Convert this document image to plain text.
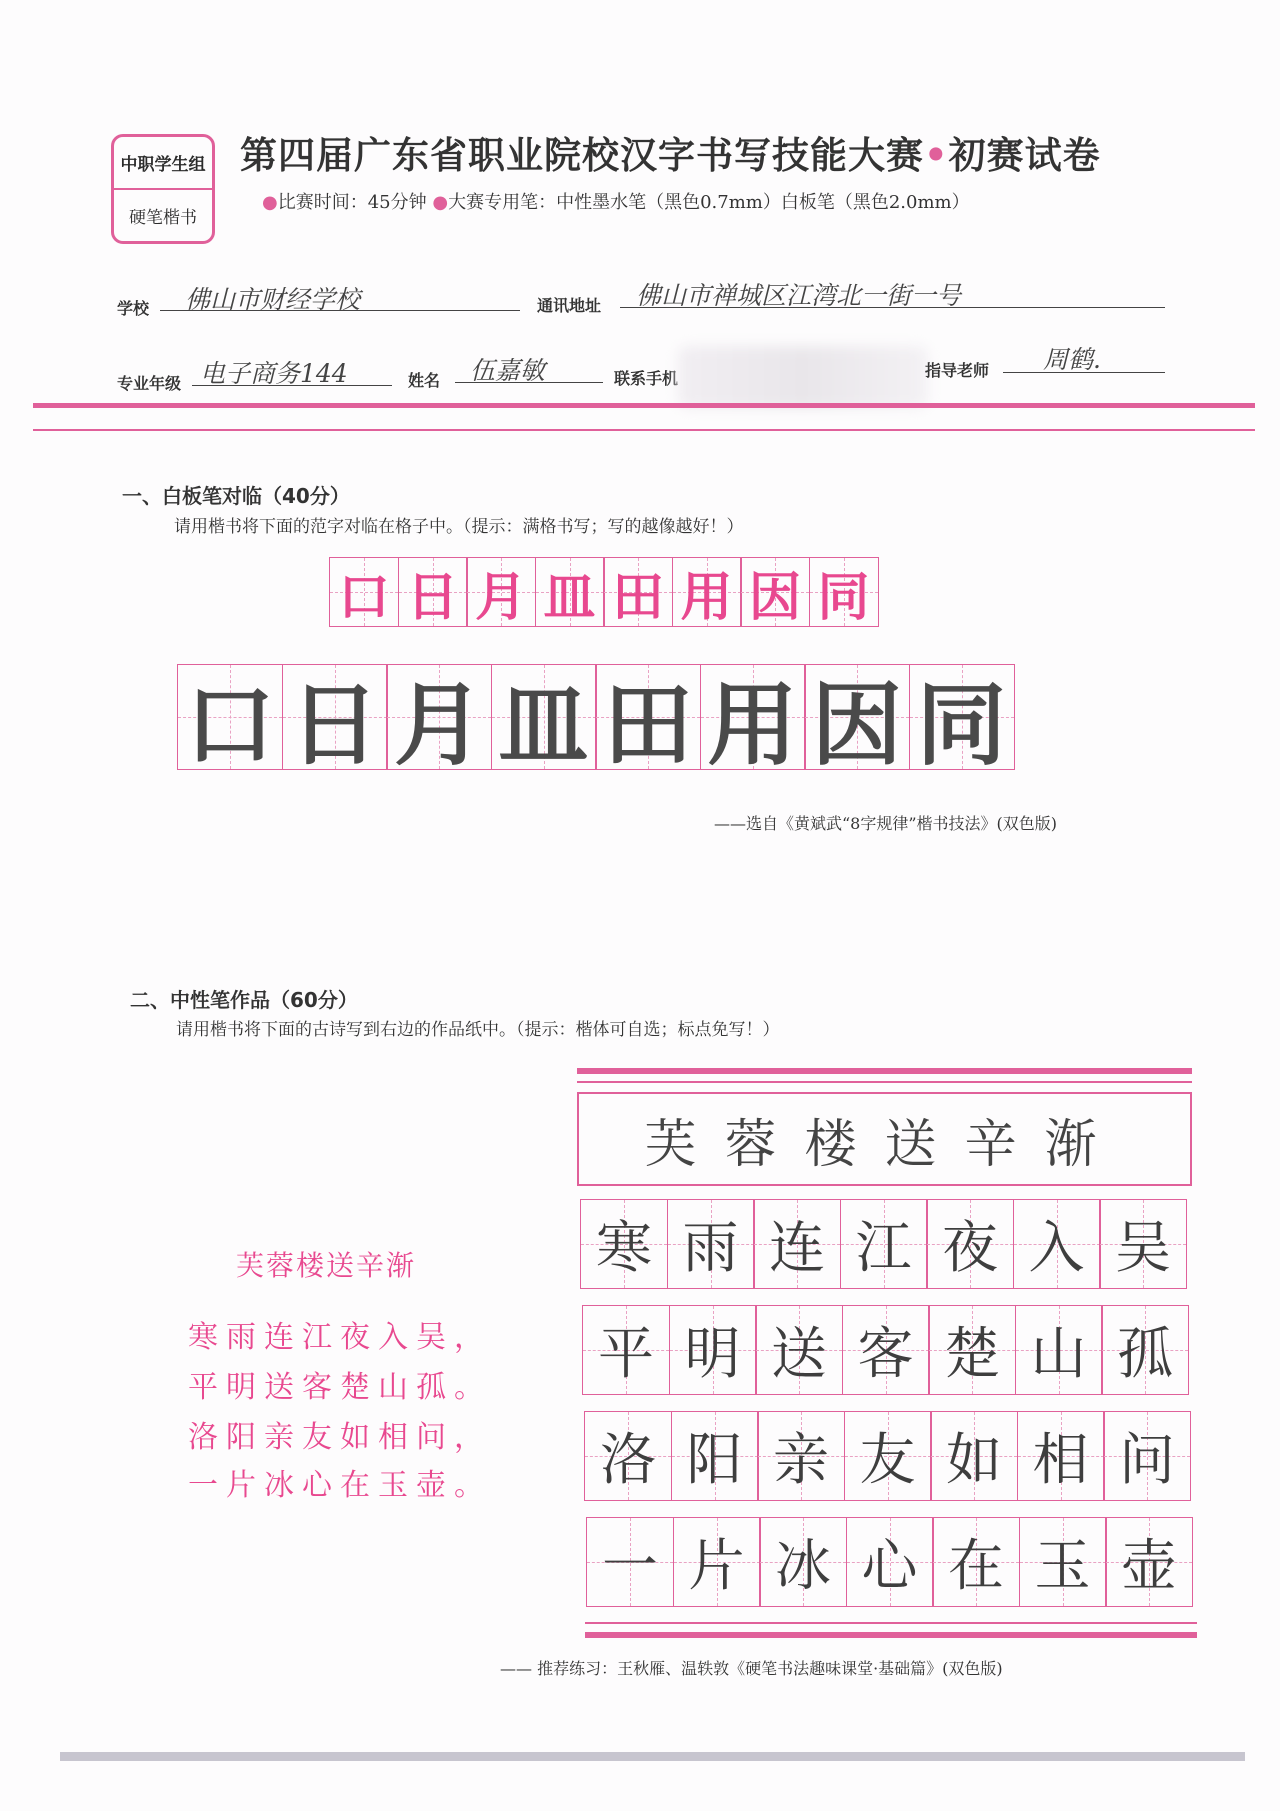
中职学生组
硬笔楷书
第四届广东省职业院校汉字书写技能大赛•初赛试卷
●比赛时间：45分钟 ●大赛专用笔：中性墨水笔（黑色0.7mm）白板笔（黑色2.0mm）
学校 佛山市财经学校	通讯地址 佛山市禅城区江湾北一街一号
专业年级 电子商务144	姓名 伍嘉敏	联系手机	指导老师 周鹤.
一、白板笔对临（40分）
请用楷书将下面的范字对临在格子中。（提示：满格书写；写的越像越好！）
口 日 月 皿 田 用 因 同
口 日 月 皿 田 用 因 同
——选自《黄斌武“8字规律”楷书技法》(双色版)
二、中性笔作品（60分）
请用楷书将下面的古诗写到右边的作品纸中。（提示：楷体可自选；标点免写！）
芙蓉楼送辛渐
寒雨连江夜入吴，
平明送客楚山孤。
洛阳亲友如相问，
一片冰心在玉壶。
芙蓉楼送辛渐
寒 雨 连 江 夜 入 吴
平 明 送 客 楚 山 孤
洛 阳 亲 友 如 相 问
一 片 冰 心 在 玉 壶
—— 推荐练习：王秋雁、温轶敦《硬笔书法趣味课堂·基础篇》(双色版)
